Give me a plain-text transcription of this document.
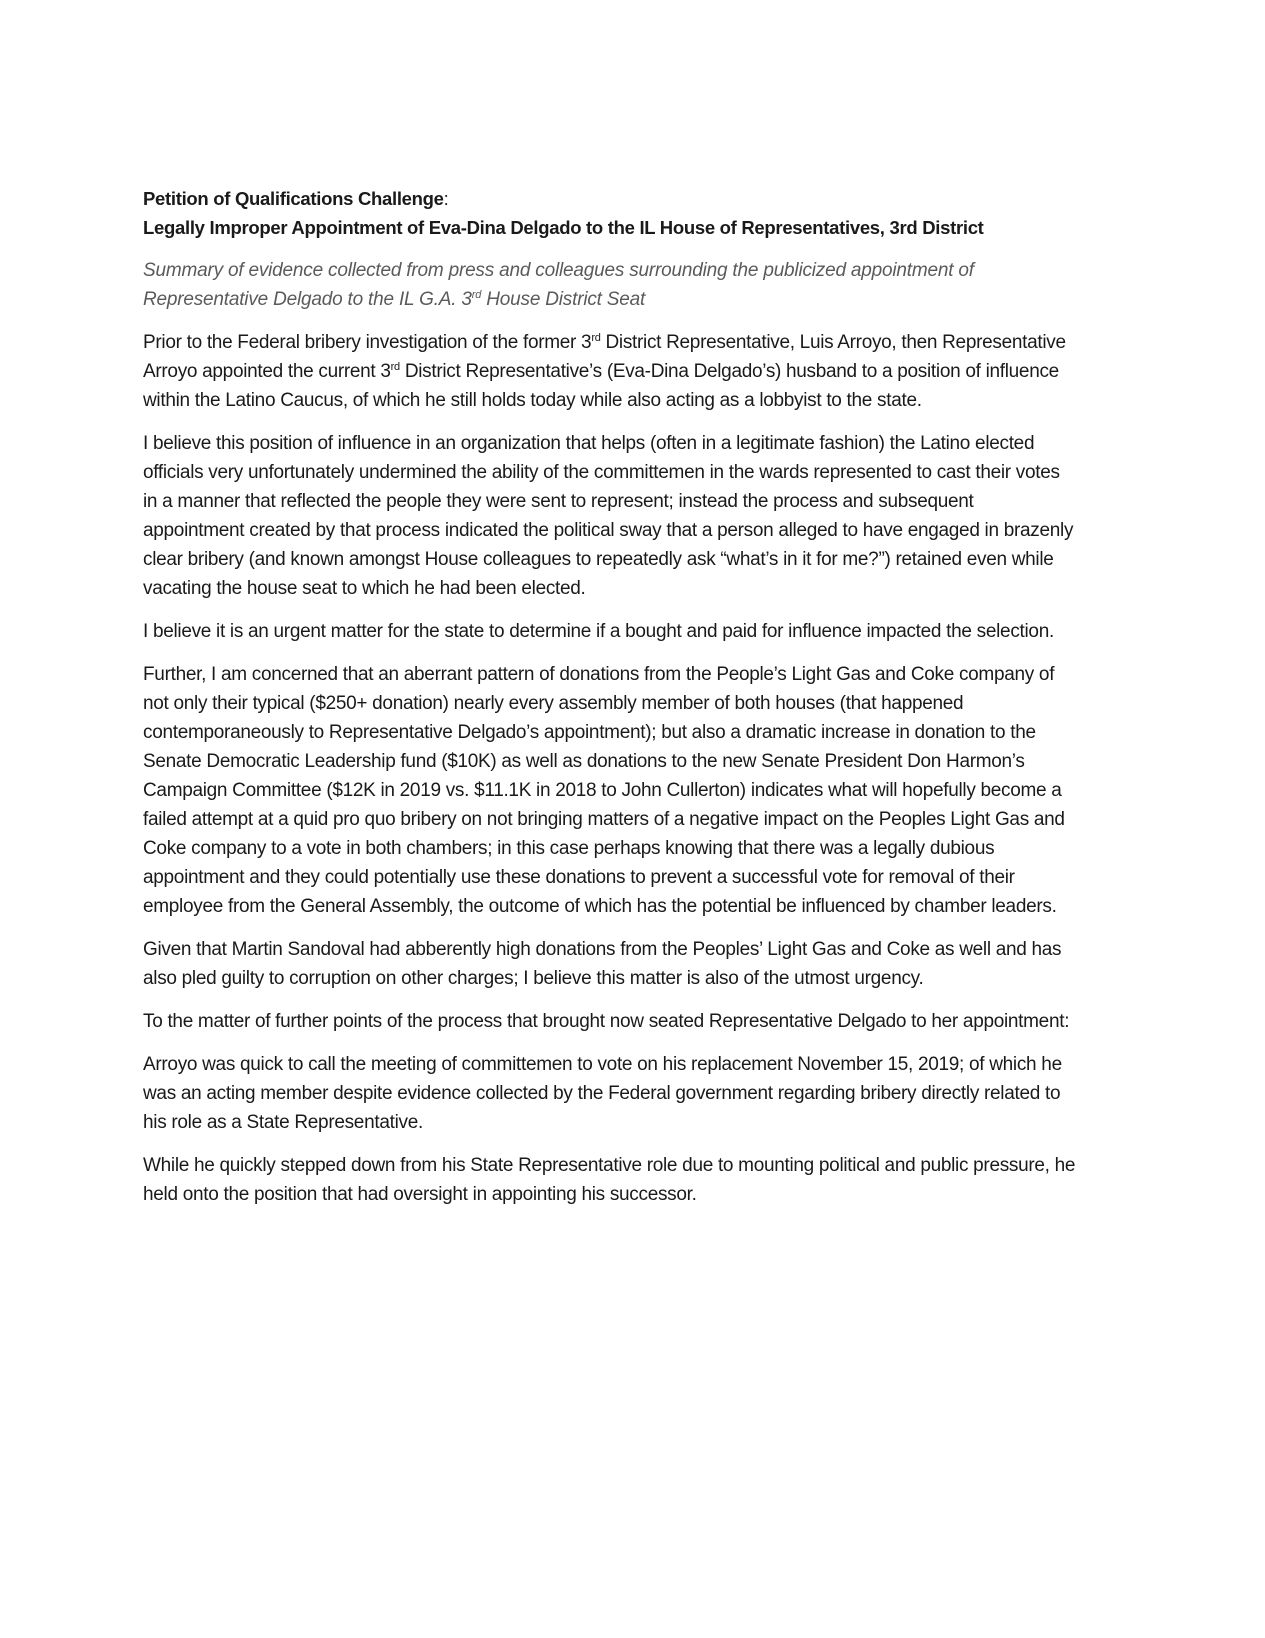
Petition of Qualifications Challenge:

Legally Improper Appointment of Eva-Dina Delgado to the IL House of Representatives, 3rd District

Summary of evidence collected from press and colleagues surrounding the publicized appointment of Representative Delgado to the IL G.A. 3rd House District Seat

Prior to the Federal bribery investigation of the former 3rd District Representative, Luis Arroyo, then Representative Arroyo appointed the current 3rd District Representative’s (Eva-Dina Delgado’s) husband to a position of influence within the Latino Caucus, of which he still holds today while also acting as a lobbyist to the state.

I believe this position of influence in an organization that helps (often in a legitimate fashion) the Latino elected officials very unfortunately undermined the ability of the committemen in the wards represented to cast their votes in a manner that reflected the people they were sent to represent; instead the process and subsequent appointment created by that process indicated the political sway that a person alleged to have engaged in brazenly clear bribery (and known amongst House colleagues to repeatedly ask “what’s in it for me?”) retained even while vacating the house seat to which he had been elected.

I believe it is an urgent matter for the state to determine if a bought and paid for influence impacted the selection.

Further, I am concerned that an aberrant pattern of donations from the People’s Light Gas and Coke company of not only their typical ($250+ donation) nearly every assembly member of both houses (that happened contemporaneously to Representative Delgado’s appointment); but also a dramatic increase in donation to the Senate Democratic Leadership fund ($10K) as well as donations to the new Senate President Don Harmon’s Campaign Committee ($12K in 2019 vs. $11.1K in 2018 to John Cullerton) indicates what will hopefully become a failed attempt at a quid pro quo bribery on not bringing matters of a negative impact on the Peoples Light Gas and Coke company to a vote in both chambers; in this case perhaps knowing that there was a legally dubious appointment and they could potentially use these donations to prevent a successful vote for removal of their employee from the General Assembly, the outcome of which has the potential be influenced by chamber leaders.

Given that Martin Sandoval had abberently high donations from the Peoples’ Light Gas and Coke as well and has also pled guilty to corruption on other charges; I believe this matter is also of the utmost urgency.

To the matter of further points of the process that brought now seated Representative Delgado to her appointment:

Arroyo was quick to call the meeting of committemen to vote on his replacement November 15, 2019; of which he was an acting member despite evidence collected by the Federal government regarding bribery directly related to his role as a State Representative.

While he quickly stepped down from his State Representative role due to mounting political and public pressure, he held onto the position that had oversight in appointing his successor.
